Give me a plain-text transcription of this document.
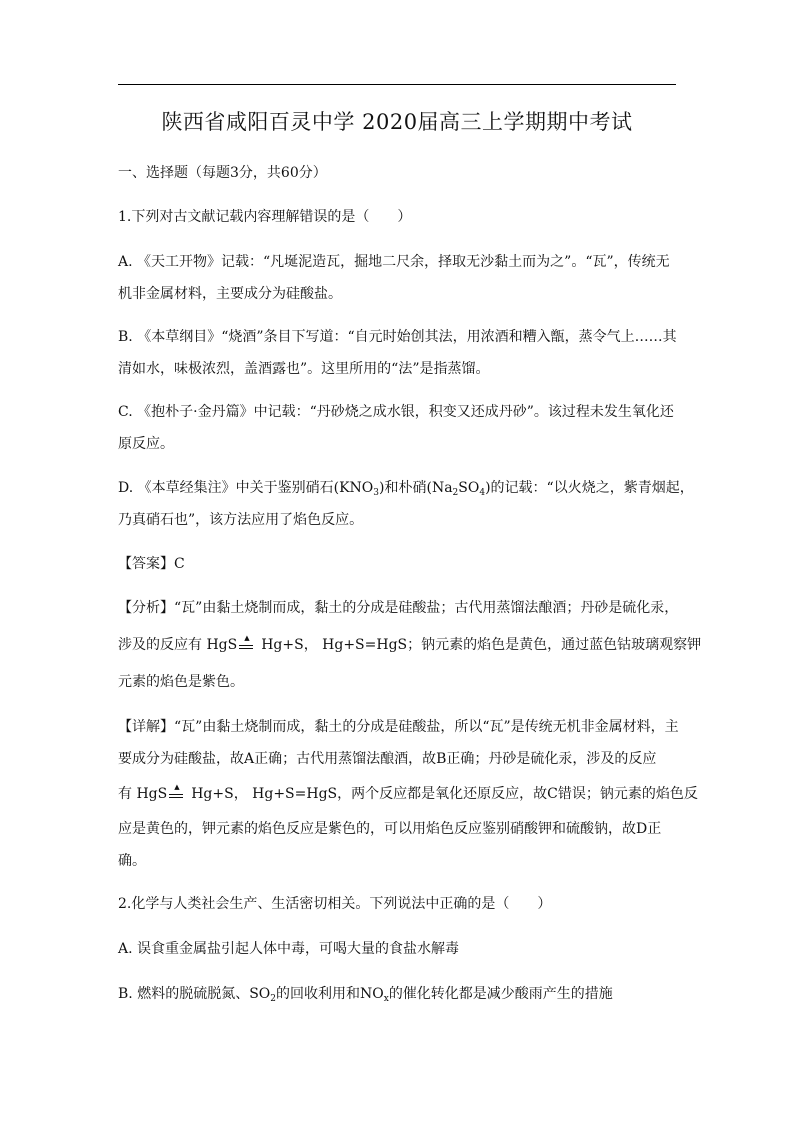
陕西省咸阳百灵中学 2020届高三上学期期中考试
一、选择题（每题3分，共60分）
1.下列对古文献记载内容理解错误的是（　　）
A. 《天工开物》记载：“凡埏泥造瓦，掘地二尺余，择取无沙黏土而为之”。“瓦”，传统无
机非金属材料，主要成分为硅酸盐。
B. 《本草纲目》“烧酒”条目下写道：“自元时始创其法，用浓酒和糟入甑，蒸令气上……其
清如水，味极浓烈，盖酒露也”。这里所用的“法”是指蒸馏。
C. 《抱朴子·金丹篇》中记载：“丹砂烧之成水银，积变又还成丹砂”。该过程未发生氧化还
原反应。
D. 《本草经集注》中关于鉴别硝石$(KNO_3)$和朴硝$(Na_2SO_4)$的记载：“以火烧之，紫青烟起，
乃真硝石也”，该方法应用了焰色反应。
【答案】C
【分析】“瓦”由黏土烧制而成，黏土的分成是硅酸盐；古代用蒸馏法酿酒；丹砂是硫化汞，
涉及的反应有 HgS ▲ Hg+S， Hg+S=HgS；钠元素的焰色是黄色，通过蓝色钴玻璃观察钾
元素的焰色是紫色。
【详解】“瓦”由黏土烧制而成，黏土的分成是硅酸盐，所以“瓦”是传统无机非金属材料，主
要成分为硅酸盐，故A正确；古代用蒸馏法酿酒，故B正确；丹砂是硫化汞，涉及的反应
有 HgS ▲ Hg+S， Hg+S=HgS，两个反应都是氧化还原反应，故C错误；钠元素的焰色反
应是黄色的，钾元素的焰色反应是紫色的，可以用焰色反应鉴别硝酸钾和硫酸钠，故D正
确。
2.化学与人类社会生产、生活密切相关。下列说法中正确的是（　　）
A. 误食重金属盐引起人体中毒，可喝大量的食盐水解毒
B. 燃料的脱硫脱氮、$SO_2$的回收利用和$NO_x$的催化转化都是减少酸雨产生的措施
